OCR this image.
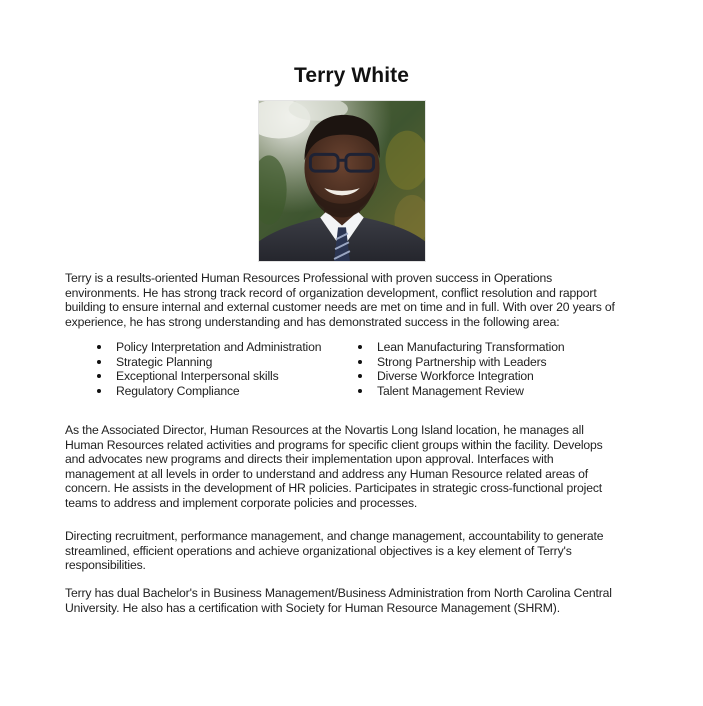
Terry White

Terry is a results-oriented Human Resources Professional with proven success in Operations environments. He has strong track record of organization development, conflict resolution and rapport building to ensure internal and external customer needs are met on time and in full. With over 20 years of experience, he has strong understanding and has demonstrated success in the following area:

Policy Interpretation and Administration
Strategic Planning
Exceptional Interpersonal skills
Regulatory Compliance
Lean Manufacturing Transformation
Strong Partnership with Leaders
Diverse Workforce Integration
Talent Management Review

As the Associated Director, Human Resources at the Novartis Long Island location, he manages all Human Resources related activities and programs for specific client groups within the facility. Develops and advocates new programs and directs their implementation upon approval. Interfaces with management at all levels in order to understand and address any Human Resource related areas of concern. He assists in the development of HR policies. Participates in strategic cross-functional project teams to address and implement corporate policies and processes.

Directing recruitment, performance management, and change management, accountability to generate streamlined, efficient operations and achieve organizational objectives is a key element of Terry's responsibilities.

Terry has dual Bachelor's in Business Management/Business Administration from North Carolina Central University. He also has a certification with Society for Human Resource Management (SHRM).
